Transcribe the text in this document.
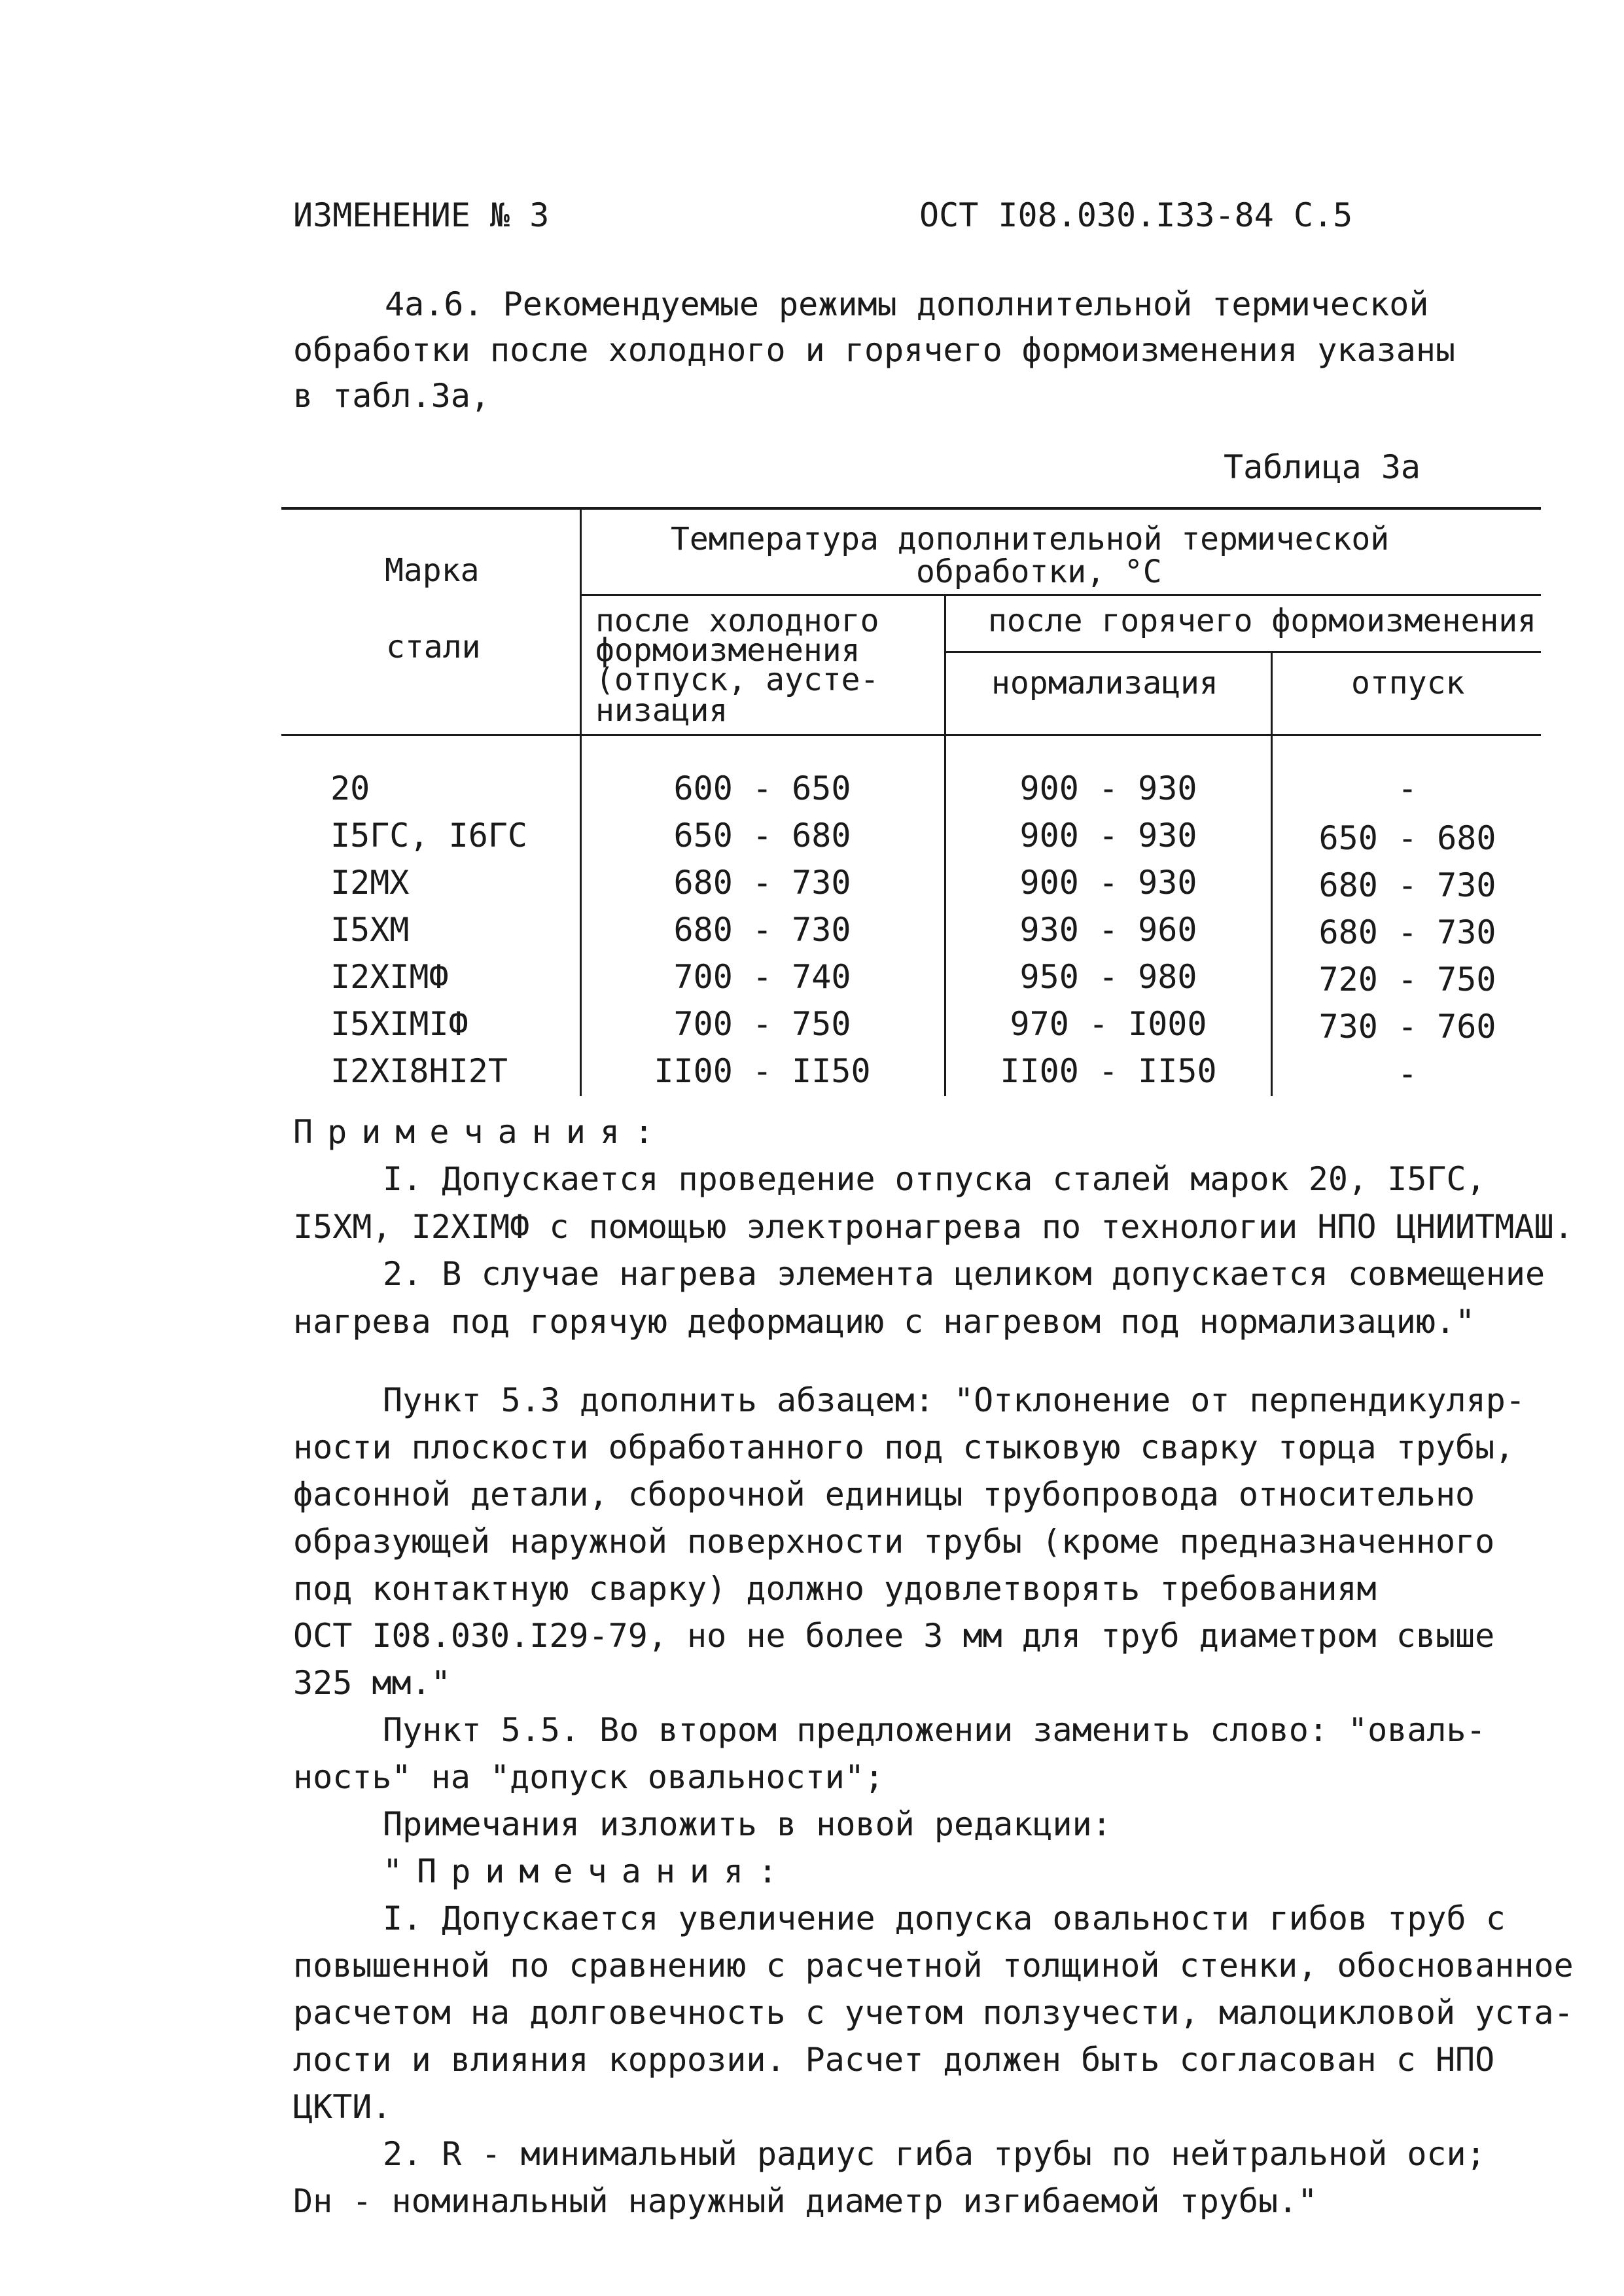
ИЗМЕНЕНИЕ № 3	ОСТ I08.030.I33-84 С.5
4а.6. Рекомендуемые режимы дополнительной термической
обработки после холодного и горячего формоизменения указаны
в табл.3а,
Таблица 3а
Марка
стали
Температура дополнительной термической
обработки, °С
после холодного
формоизменения
(отпуск, аусте-
низация
после горячего формоизменения
нормализация	отпуск
20	600 - 650	900 - 930	-
I5ГС, I6ГС	650 - 680	900 - 930	650 - 680
I2МХ	680 - 730	900 - 930	680 - 730
I5ХМ	680 - 730	930 - 960	680 - 730
I2ХIМФ	700 - 740	950 - 980	720 - 750
I5ХIМIФ	700 - 750	970 - I000	730 - 760
I2ХI8НI2Т	II00 - II50	II00 - II50	-
Примечания:
I. Допускается проведение отпуска сталей марок 20, I5ГС,
I5ХМ, I2ХIМФ с помощью электронагрева по технологии НПО ЦНИИТМАШ.
2. В случае нагрева элемента целиком допускается совмещение
нагрева под горячую деформацию с нагревом под нормализацию."
Пункт 5.3 дополнить абзацем: "Отклонение от перпендикуляр-
ности плоскости обработанного под стыковую сварку торца трубы,
фасонной детали, сборочной единицы трубопровода относительно
образующей наружной поверхности трубы (кроме предназначенного
под контактную сварку) должно удовлетворять требованиям
ОСТ I08.030.I29-79, но не более 3 мм для труб диаметром свыше
325 мм."
Пункт 5.5. Во втором предложении заменить слово: "оваль-
ность" на "допуск овальности";
Примечания изложить в новой редакции:
"Примечания:
I. Допускается увеличение допуска овальности гибов труб с
повышенной по сравнению с расчетной толщиной стенки, обоснованное
расчетом на долговечность с учетом ползучести, малоцикловой уста-
лости и влияния коррозии. Расчет должен быть согласован с НПО
ЦКТИ.
2. R - минимальный радиус гиба трубы по нейтральной оси;
Dн - номинальный наружный диаметр изгибаемой трубы."
